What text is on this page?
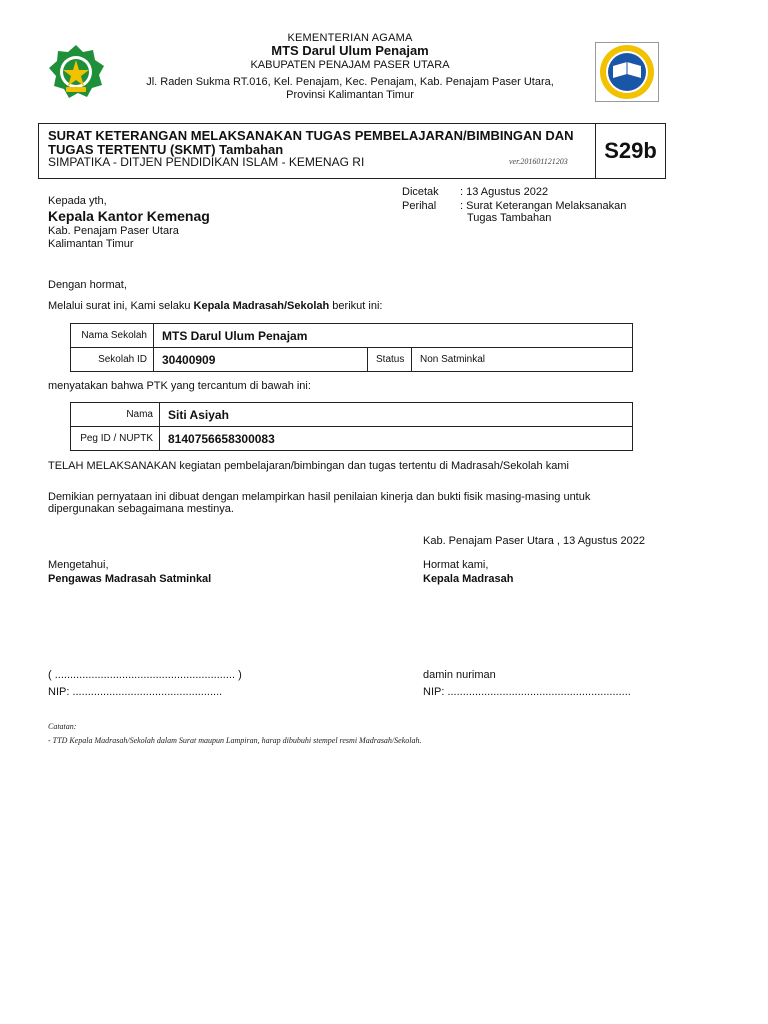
KEMENTERIAN AGAMA
MTS Darul Ulum Penajam
KABUPATEN PENAJAM PASER UTARA
Jl. Raden Sukma RT.016, Kel. Penajam, Kec. Penajam, Kab. Penajam Paser Utara,
Provinsi Kalimantan Timur
SURAT KETERANGAN MELAKSANAKAN TUGAS PEMBELAJARAN/BIMBINGAN DAN TUGAS TERTENTU (SKMT) Tambahan
SIMPATIKA - DITJEN PENDIDIKAN ISLAM - KEMENAG RI	ver.201601121203	S29b
Kepada yth,
Kepala Kantor Kemenag
Kab. Penajam Paser Utara
Kalimantan Timur
Dicetak : 13 Agustus 2022
Perihal : Surat Keterangan Melaksanakan
Tugas Tambahan
Dengan hormat,
Melalui surat ini, Kami selaku Kepala Madrasah/Sekolah berikut ini:
Nama Sekolah	MTS Darul Ulum Penajam
Sekolah ID	30400909	Status	Non Satminkal
menyatakan bahwa PTK yang tercantum di bawah ini:
Nama	Siti Asiyah
Peg ID / NUPTK	8140756658300083
TELAH MELAKSANAKAN kegiatan pembelajaran/bimbingan dan tugas tertentu di Madrasah/Sekolah kami
Demikian pernyataan ini dibuat dengan melampirkan hasil penilaian kinerja dan bukti fisik masing-masing untuk
dipergunakan sebagaimana mestinya.
Kab. Penajam Paser Utara , 13 Agustus 2022
Mengetahui,
Pengawas Madrasah Satminkal
Hormat kami,
Kepala Madrasah
( ........................................................... )
NIP: .................................................
damin nuriman
NIP: ............................................................
Catatan:
- TTD Kepala Madrasah/Sekolah dalam Surat maupun Lampiran, harap dibubuhi stempel resmi Madrasah/Sekolah.
